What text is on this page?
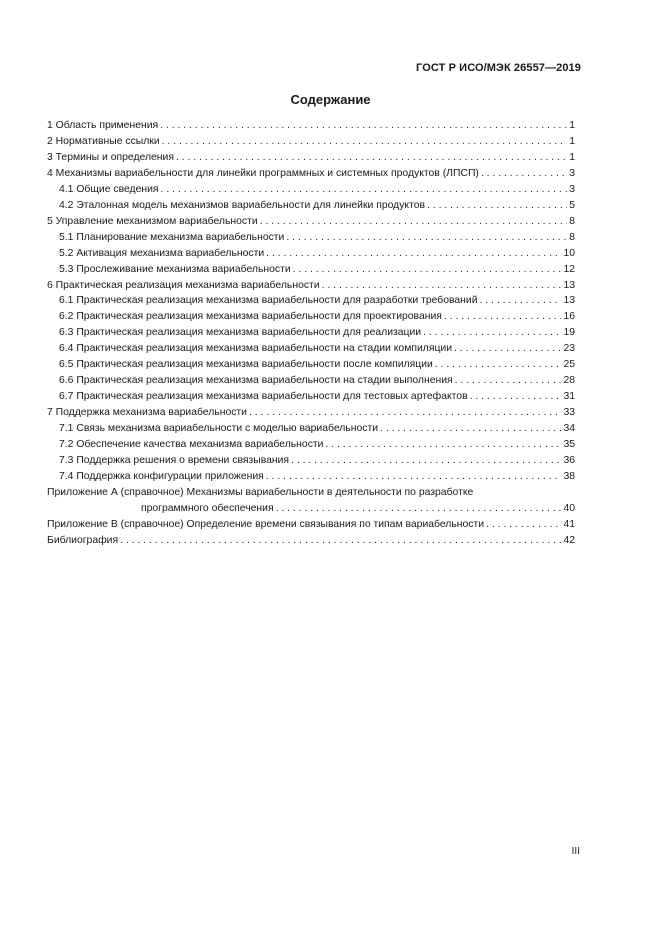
ГОСТ Р ИСО/МЭК 26557—2019
Содержание
1 Область применения . . .	1
2 Нормативные ссылки . . .	1
3 Термины и определения . . .	1
4 Механизмы вариабельности для линейки программных и системных продуктов (ЛПСП) . . .	3
4.1 Общие сведения . . .	3
4.2 Эталонная модель механизмов вариабельности для линейки продуктов . . .	5
5 Управление механизмом вариабельности . . .	8
5.1 Планирование механизма вариабельности . . .	8
5.2 Активация механизма вариабельности . . .	10
5.3 Прослеживание механизма вариабельности . . .	12
6 Практическая реализация механизма вариабельности . . .	13
6.1 Практическая реализация механизма вариабельности для разработки требований . . .	13
6.2 Практическая реализация механизма вариабельности для проектирования . . .	16
6.3 Практическая реализация механизма вариабельности для реализации . . .	19
6.4 Практическая реализация механизма вариабельности на стадии компиляции . . .	23
6.5 Практическая реализация механизма вариабельности после компиляции . . .	25
6.6 Практическая реализация механизма вариабельности на стадии выполнения . . .	28
6.7 Практическая реализация механизма вариабельности для тестовых артефактов . . .	31
7 Поддержка механизма вариабельности . . .	33
7.1 Связь механизма вариабельности с моделью вариабельности . . .	34
7.2 Обеспечение качества механизма вариабельности . . .	35
7.3 Поддержка решения о времени связывания . . .	36
7.4 Поддержка конфигурации приложения . . .	38
Приложение А (справочное) Механизмы вариабельности в деятельности по разработке
программного обеспечения . . .	40
Приложение В (справочное) Определение времени связывания по типам вариабельности . . .	41
Библиография . . .	42
III
